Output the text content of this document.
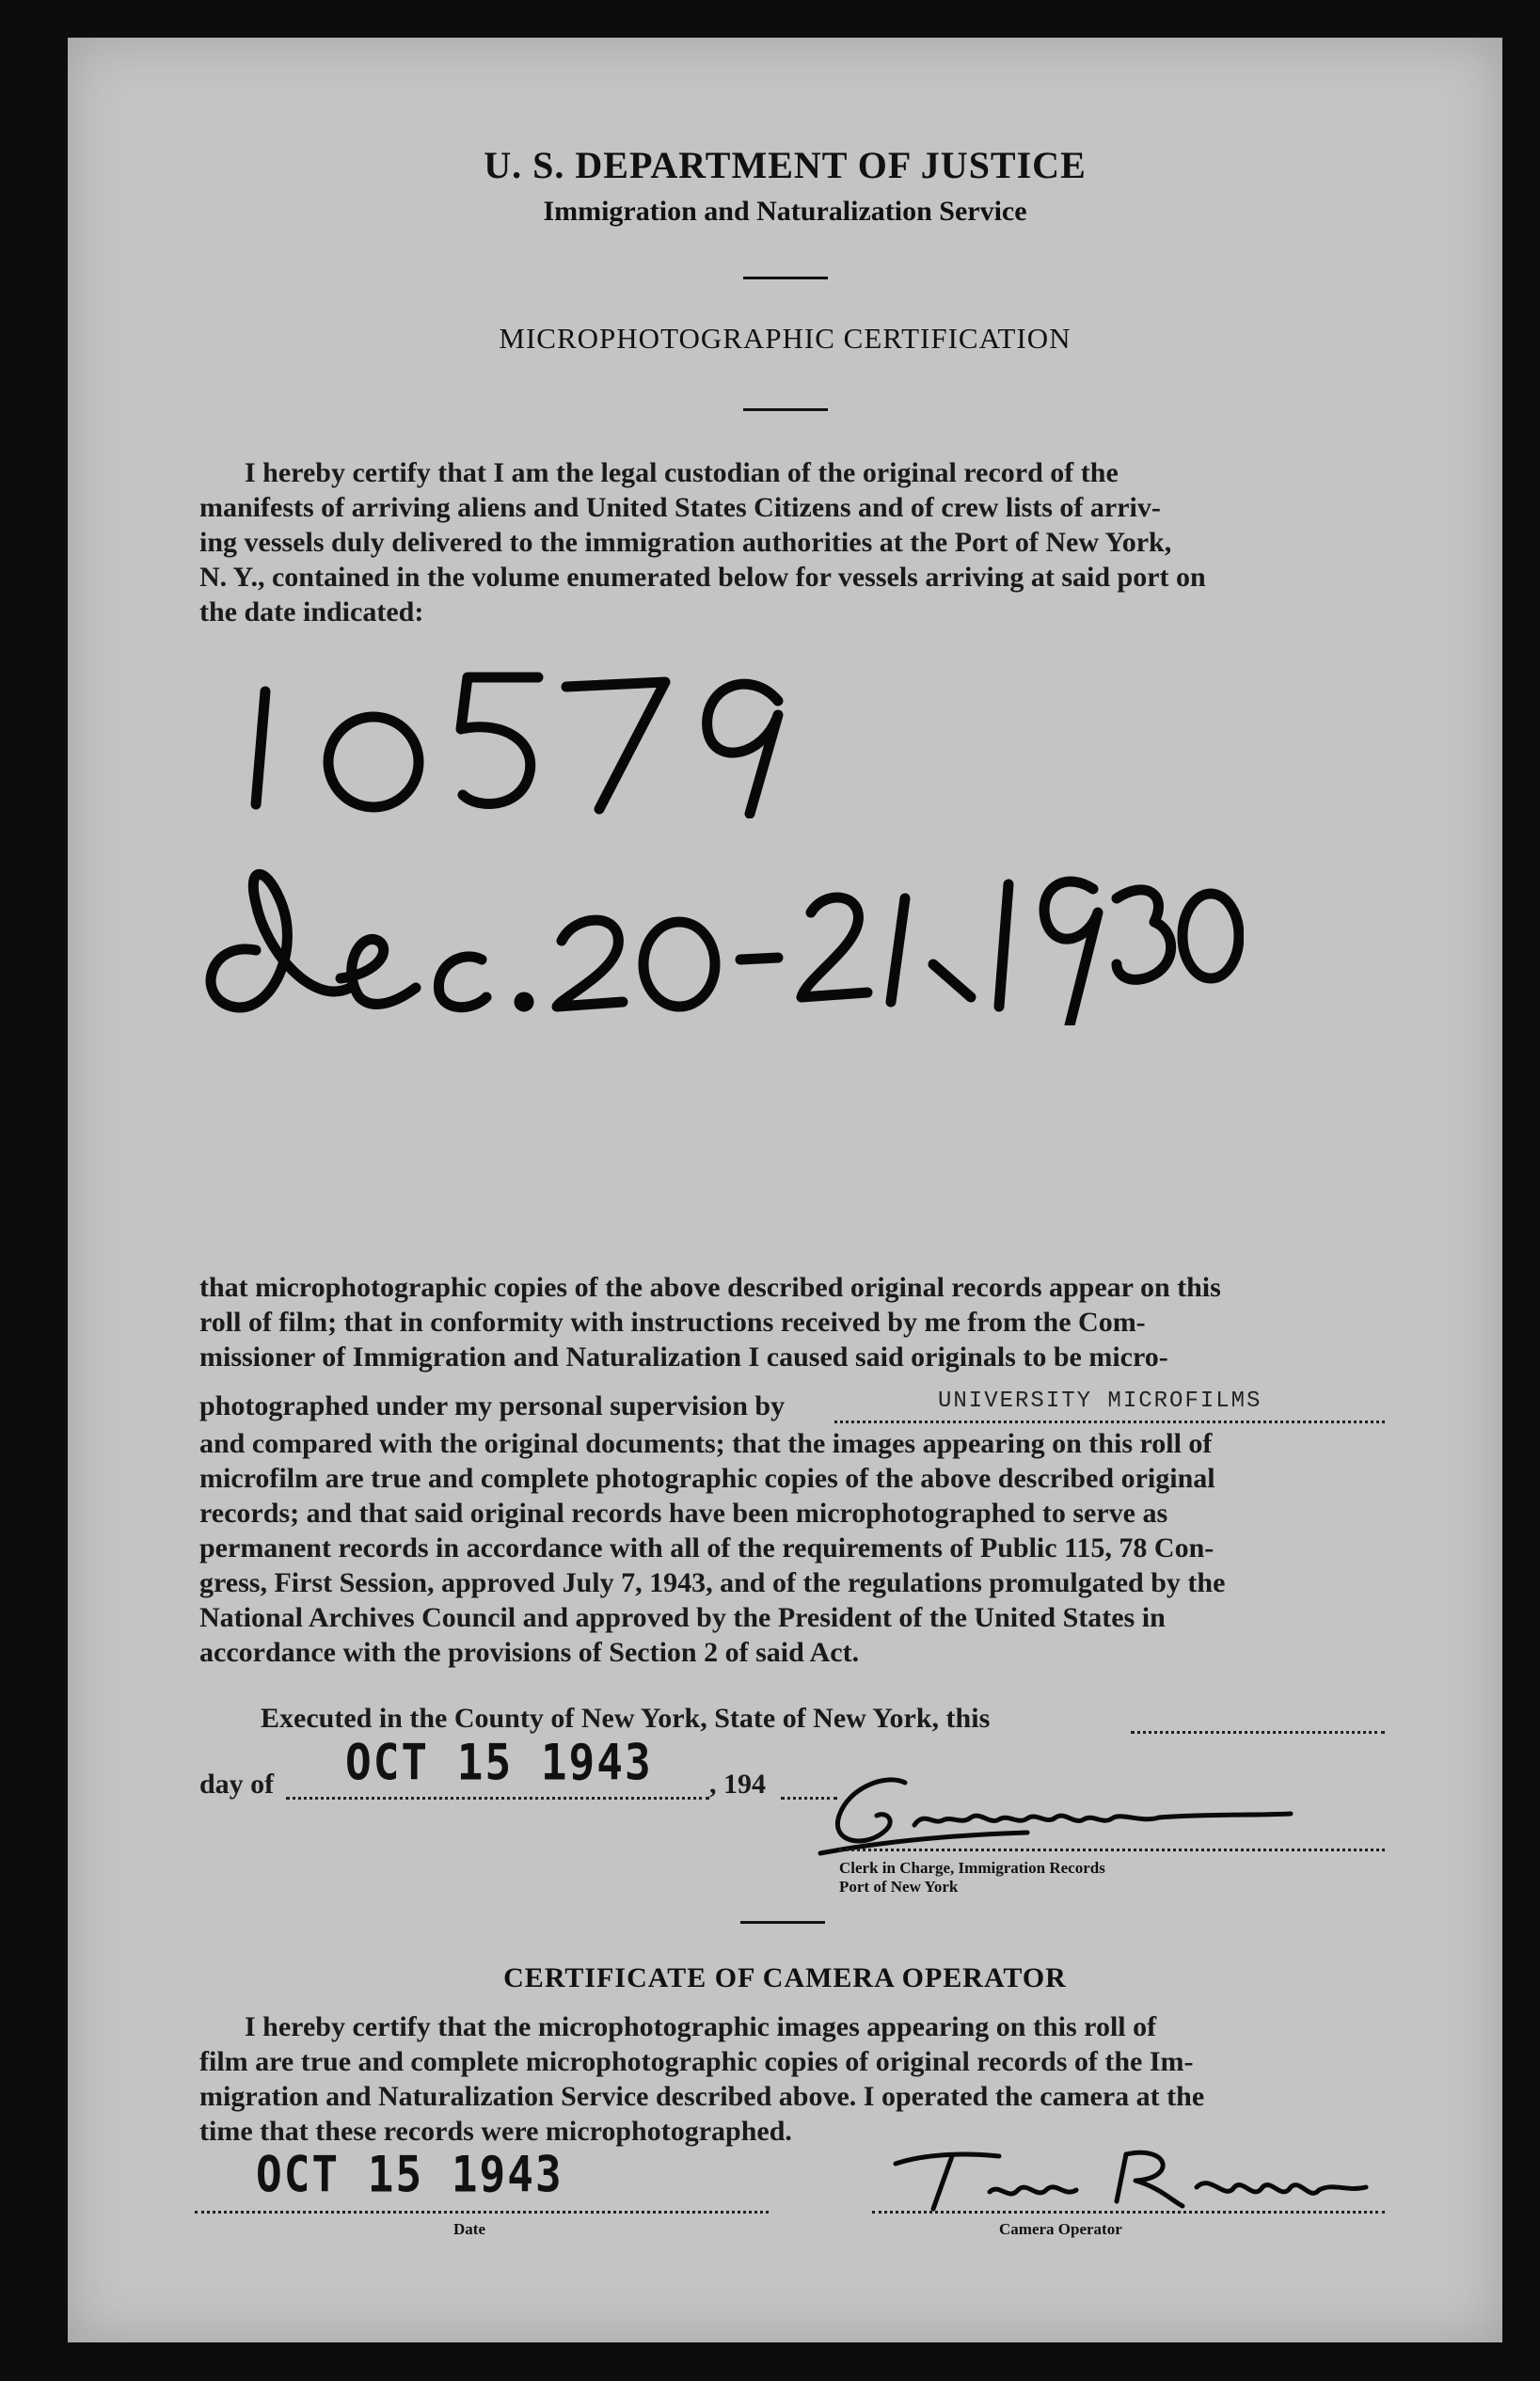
U. S. DEPARTMENT OF JUSTICE
Immigration and Naturalization Service
MICROPHOTOGRAPHIC CERTIFICATION
I hereby certify that I am the legal custodian of the original record of the
manifests of arriving aliens and United States Citizens and of crew lists of arriv-
ing vessels duly delivered to the immigration authorities at the Port of New York,
N. Y., contained in the volume enumerated below for vessels arriving at said port on
the date indicated:
that microphotographic copies of the above described original records appear on this
roll of film; that in conformity with instructions received by me from the Com-
missioner of Immigration and Naturalization I caused said originals to be micro-
photographed under my personal supervision by	UNIVERSITY MICROFILMS
and compared with the original documents; that the images appearing on this roll of
microfilm are true and complete photographic copies of the above described original
records; and that said original records have been microphotographed to serve as
permanent records in accordance with all of the requirements of Public 115, 78 Con-
gress, First Session, approved July 7, 1943, and of the regulations promulgated by the
National Archives Council and approved by the President of the United States in
accordance with the provisions of Section 2 of said Act.
Executed in the County of New York, State of New York, this
day of OCT 15 1943 , 194
Clerk in Charge, Immigration Records
Port of New York
CERTIFICATE OF CAMERA OPERATOR
I hereby certify that the microphotographic images appearing on this roll of
film are true and complete microphotographic copies of original records of the Im-
migration and Naturalization Service described above. I operated the camera at the
time that these records were microphotographed.
OCT 15 1943
Date	Camera Operator
